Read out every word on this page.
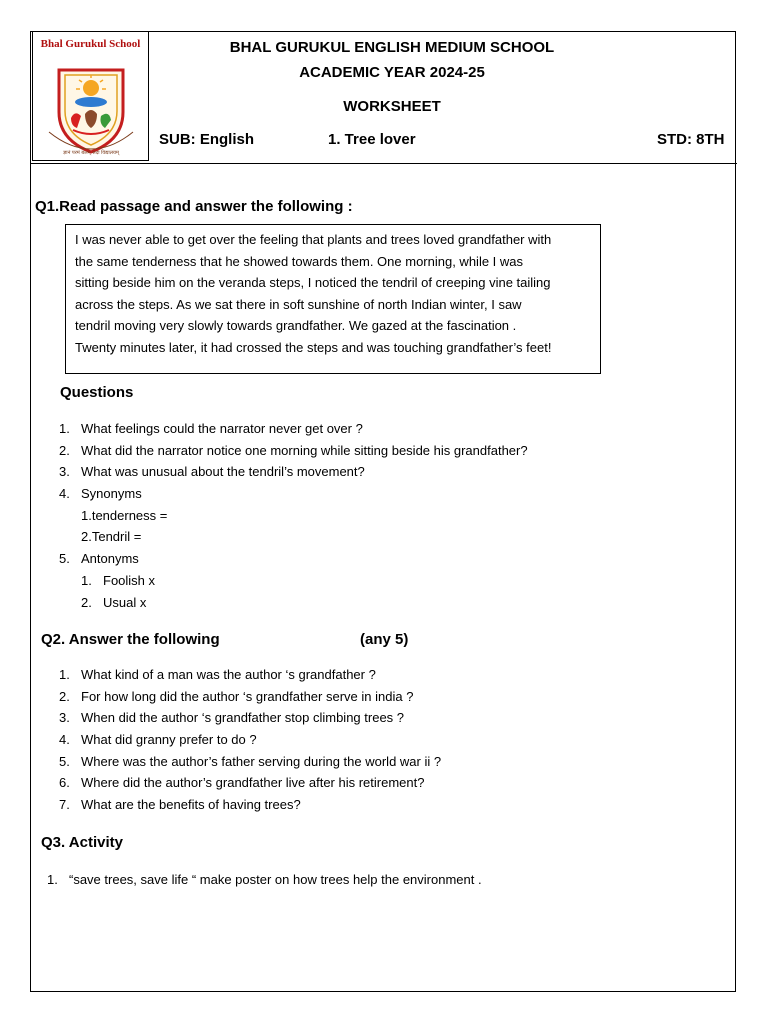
Bhal Gurukul School
ज्ञानं परमं बलम् सदा विद्यालयम्
BHAL GURUKUL ENGLISH MEDIUM SCHOOL
ACADEMIC YEAR 2024-25
WORKSHEET
SUB: English	1. Tree lover	STD: 8TH
Q1.Read passage and answer the following :

I was never able to get over the feeling that plants and trees loved grandfather with

the same tenderness that he showed towards them. One morning, while I was

sitting beside him on the veranda steps, I noticed the tendril of creeping vine tailing

across the steps. As we sat there in soft sunshine of north Indian winter, I saw

tendril moving very slowly towards grandfather. We gazed at the fascination .

Twenty minutes later, it had crossed the steps and was touching grandfather’s feet!

Questions
1. What feelings could the narrator never get over ?
2. What did the narrator notice one morning while sitting beside his grandfather?
3. What was unusual about the tendril’s movement?
4. Synonyms
1.tenderness =
2.Tendril =
5. Antonyms
1. Foolish x
2. Usual x
Q2. Answer the following	(any 5)
1. What kind of a man was the author ‘s grandfather ?
2. For how long did the author ‘s grandfather serve in india ?
3. When did the author ‘s grandfather stop climbing trees ?
4. What did granny prefer to do ?
5. Where was the author’s father serving during the world war ii ?
6. Where did the author’s grandfather live after his retirement?
7. What are the benefits of having trees?
Q3. Activity
1. “save trees, save life “ make poster on how trees help the environment .
